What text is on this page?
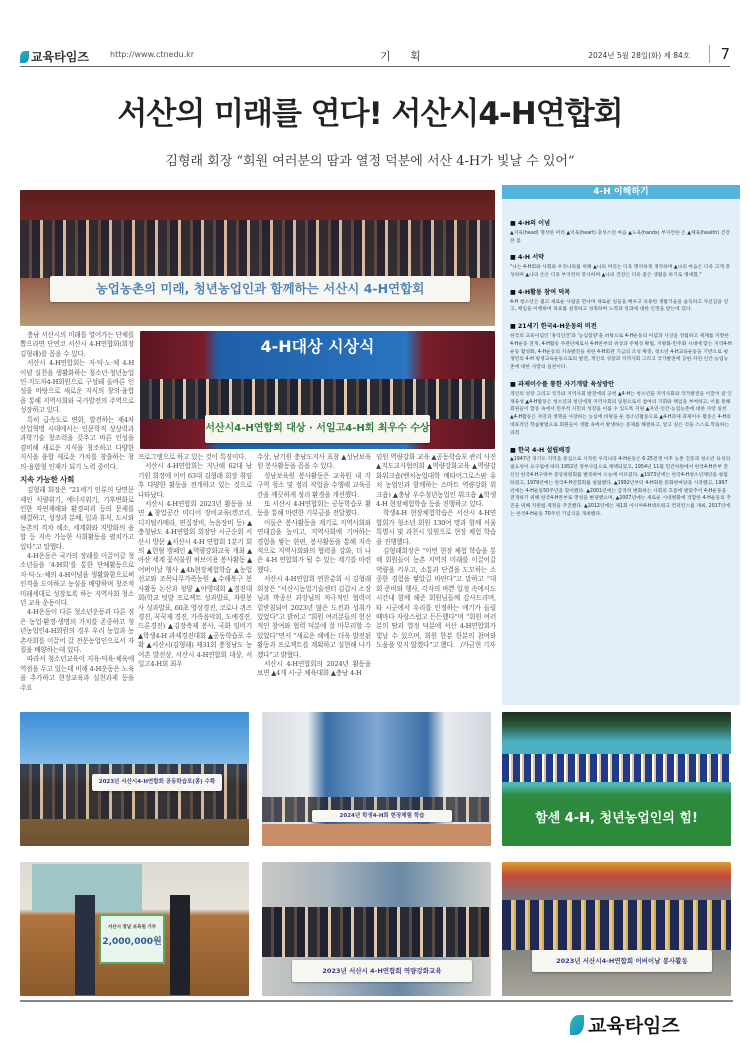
교육타임즈	http://www.ctnedu.kr	기 획	2024년 5월 28일(화) 제 84호	7
서산의 미래를 연다! 서산시4-H연합회
김형래 회장 “회원 여러분의 땀과 열정 덕분에 서산 4-H가 빛날 수 있어”
농업농촌의 미래, 청년농업인과 함께하는 서산시 4-H연합회

충남 서산시의 미래를 열어가는 단체를 뽑으라면 단연코 서산시 4-H연합회(회장 김형래)를 꼽을 수 있다.

서산시 4-H연합회는 지·덕·노·체 4-H이념 실천을 생활화하는 청소년·청년농업인·지도자4-H회원으로 구성돼 올바른 인성을 바탕으로 새로운 지식의 창의·융합을 통해 지역사회와 국가발전의 주역으로 성장하고 있다.

특히 급속도로 변화, 발전하는 제4차 산업혁명 시대에서는 인문학적 상상력과 과학기술 창조력을 갖추고 바른 인성을 겸비해 새로운 지식을 창조하고 다양한 지식을 융합 새로운 가치를 창출하는 창의·융합형 인재가 되기 노력 중이다.

지속 가능한 사회

김형래 회장은 “21세기 인류의 당면문제인 식량위기, 에너지위기, 기후변화로 인한 자연재해와 환경피괴 등의 문제를 해결하고, 성장과 분배, 일과 휴식, 도시와 농촌의 격차 해소, 세계화와 지방화의 융합 등 지속 가능한 사회활동을 펼치가고 있다”고 말했다.

4-H운동은 국가의 장래를 이끌어갈 청소년들을 ‘4-H회’를 통한 단체활동으로 지·덕·노·체의 4-H이념을 생활화함으로써 인격을 도야하고 농심을 배양하며 창조적 미래세대로 성장토록 하는 지역사회 청소년 교육 운동이다.

4-H운동이 다른 청소년운동과 다른 점은 농업·환경·생명의 가치를 존중하고 청년농업인4-H회원의 경우 우리 농업과 농촌사회를 이끌어 갈 전문농업인으로서 자질을 배양하는데 있다.

따라서 청소년교육이 지육·덕육·체육에 역점을 두고 있는데 비해 4-H운동은 노육을 추가하고 현장교육과 실천과제 등을 주요

4-H대상 시상식
서산시4-H연합회 대상 · 서일고4-H회 최우수 수상

프로그램으로 하고 있는 것이 특징이다.

서산시 4-H연합회는 지난해 62대 남기원 회장에 이어 63대 김형래 회장 취임 후 다양한 활동을 전개하고 있는 것으로 나타났다.

서산시 4-H연합회 2023년 활동을 보면 ▲창업공간 미디어 장비교육(캔코리, 디지털카메라, 편집장비, 녹음장비 등) ▲충청남도 4-H연합회 회장단 시군순회 서산시 방문 ▲서산시 4-H 연합회 1분기 회의 ▲헌혈 캠페인 ▲역량강화교육 개최 ▲아산 세계 꽃식물원 허브이용 봉사활동 ▲어버이날 행사 ▲4h현장체험학습 ▲농업선교와 조목나무가족농원 ▲수해복구 봉사활동 논산과 청양 ▲야영대회 ▲경진대회(학교 텃밭 프로젝트 성과발표, 자원봉사 성과발표, 60초 영상경진, 코로나 퀴즈경진, 꾹꾹재 경진, 가족음악회, 도예경진, 드론경진) ▲김장축제 봉사, 국화 임비기 ▲학생4-H 과제경진대회 ▲공동학습포 수확 ▲서산시(김형래) 제31회 충청남도 농어촌 발전상, 서산시 4-H연합회 대상, 서일고4-H회 최우

수상, 남기원 충남도지사 표창 ▲성남보육원 봉사활동을 꼽을 수 있다.

성남보육원 봉사활동은 교육원 내 각 구역 청소 및 정리 작업을 수행해 교육공간을 깨끗하게 정리 환경을 개선했다.

또 서산시 4-H연합회는 공동학습포 활동을 통해 마련한 기부금을 전달했다.

이들은 봉사활동을 계기로 지역사회와 연대감을 높이고, 지역사회에 기여하는 경험을 쌓는 한편, 봉사활동을 통해 지속적으로 지역사회와의 협력을 강화, 더 나은 4-H 연합회가 될 수 있는 계기를 마련했다.

서산시 4-H연합회 연찬총회 시 김형래 회장은 “서산시농업기술센터 김갑시 소장님과 박종신 과장님의 적극적인 협력이 밑받침되어 2023년 많은 도전과 성취가 있었다”고 밝히고 “회원 여러분들의 헌신적인 참여와 협력 덕분에 잘 마무리할 수 있었다”면서 “새로운 해에는 더욱 발전된 활동과 프로젝트를 계획하고 실현해 나가겠다”고 밝혔다.

서산시 4-H연합회의 2024년 활동을 보면 ▲4개 시·군 체육대회 ▲충남 4-H

임원 역량강화 교육 ▲공동학습포 관리 사진 ▲지도교사협의회 ▲역량강화교육 ▲역량강화워크숍(벤처농업대학 메타어그로스팜 유치 농업인과 함께하는 스마트 역량강화 워크숍) ▲충남 우수청년농업인 워크숍 ▲학생4-H 현장체험학습 등을 진행하고 있다.

학생4-H 현장체험학습은 서산시 4-H연합회가 청소년 회원 130여 명과 함께 서울특별시 및 과천시 일원으로 현장 체험 학습을 진행했다.

김형래회장은 “이번 현장 체험 학습을 통해 회원들이 농촌 지역의 미래를 이끌어갈 역량을 키우고, 소통과 단결을 도모하는 소중한 경험을 쌓았길 바란다”고 말하고 “대회 준비와 행사, 각자의 바쁜 일정 속에서도 시간내 함께 해준 회원님들께 감사드리며, 타 시군에서 우리를 인정하는 얘기가 들릴 때마다 자랑스럽고 든든했다”며 “회원 여러분의 땀과 열정 덕분에 서산 4-H연합회가 빛날 수 있으며, 회원 한분 한분의 참여와 도움을 잊지 않겠다”고 했다. /가금현 기자

4-H 이해하기
■ 4-H의 이념
▲지육(head) 명석한 머리 ▲덕육(heart) 충성스런 마음 ▲노육(hands) 부지런한 손 ▲체육(health) 건강한 몸
■ 4-H 서약
"나는 4-H회와 사회와 우리나라를 위해 ▲나의 머리는 더욱 명석하게 생각하며 ▲나의 마음은 더욱 크게 충성하며 ▲나의 손은 더욱 부지런히 봉사하며 ▲나의 건강은 더욱 좋은 생활을 하기로 맹세함."
■ 4-H활동 참여 덕목
4-H 청소년은 젊고 새로운 사람을 만나며 새로운 일들을 배우고 유용한 생활기술을 습득하고 자신감을 얻고, 책임을 이행하며 목표를 설정하고 성취하며 노력과 성과에 대한 인정을 받는데 있다.
■ 21세기 한국4-H운동의 비전
한국의 교육이념인 '홍익인간'과 '농심함양'을 바탕으로 4-H운동의 이념과 사상을 정립하고 세계를 지향한 4-H운동 전개, 4-H활동 주관단체로서 4-H본부의 위상과 주체성 확립, 지방화·민주화 시대에 맞는 지역4-H운동 활성화, 4-H운동의 지속발전을 위한 4-H회관 기금의 조성 확충, 청소년 4-H교육운동을 기반으로 평생민의 4-H 평생교육운동으로의 발전, 개인의 성장과 지역사회 그리고 국가발전에 공헌·자연·인간·농업농촌에 대한 사랑의 실천이다.
■ 과제이수를 통한 자기개발 육성방안
개인의 성장 그리고 국가와 지역사회 발전에의 공헌 ▲4-H는 청소년을 지역사회와 국가발전을 이끌어 갈 인재육성 ▲4-H활동은 청소년과 청년에게 지역사회의 일원으로서 참여의 기회와 책임을 부여하고, 이를 통해 회원들이 합동 속에서 민주적 시민의 성장을 이룰 수 있도록 지원 ▲자연·인간·농업농촌에 대한 사랑 실천 ▲4-H활동은 자연과 생명을 사랑하는 농심에 바탕을 둔 청소년활동으로 ▲4-H과제 과제이수 활동은 4-H의 대표적인 학습방법으로 회원들이 생활 속에서 발생하는 문제를 해결하고, 알고 싶은 것을 스스로 학습하는 과정.
■ 한국 4-H 설립배경
▲1947년 경기도 지역을 중심으로 시작된 우리나라 4-H운동은 6·25전쟁 이후 농촌 진흥과 청소년 육성의 필요성이 요구됨에 따라 1952년 정부사업으로 채택되었고, 1954년 11월 민간차원에서 한국4-H본부 전신인 한국4-H구락부 중앙위원회를 발족하여 오늘에 이르렀다. ▲1973년에는 한국4-H청소년재단을 창립하였고, 1979년에는 한국4-H연합회를 설립했다. ▲1992년부터 4-H회원 문화한마당을 시작했고, 1997년에는 4-H운동50주년을 맞이했다. ▲2001년에는 급격히 변화하는 사회의 흐름에 발맞추어 4-H운동을 전개하기 위해 한국4-H본부로 명칭을 변경했으며, ▲2007년에는 새로운 시대변화에 적합한 4-H운동의 추진을 위해 지원법 제정을 추진했다. ▲2012년에는 제1회 아시아4-H네트워크 컨퍼런스를 개최, 2017년에는 한국4-H운동 70주년 기념식을 개최했다.
2023년 서산시4-H연합회 공동학습포(콩) 수확
2024년 학생4-H회 현장체험 학습	함센 4-H, 청년농업인의 힘!
서산시 장날 보육원 기부
2,000,000원
2023년 서산시 4-H연합회 역량강화교육
2023년 서산시4-H연합회 어버이날 봉사활동
교육타임즈
